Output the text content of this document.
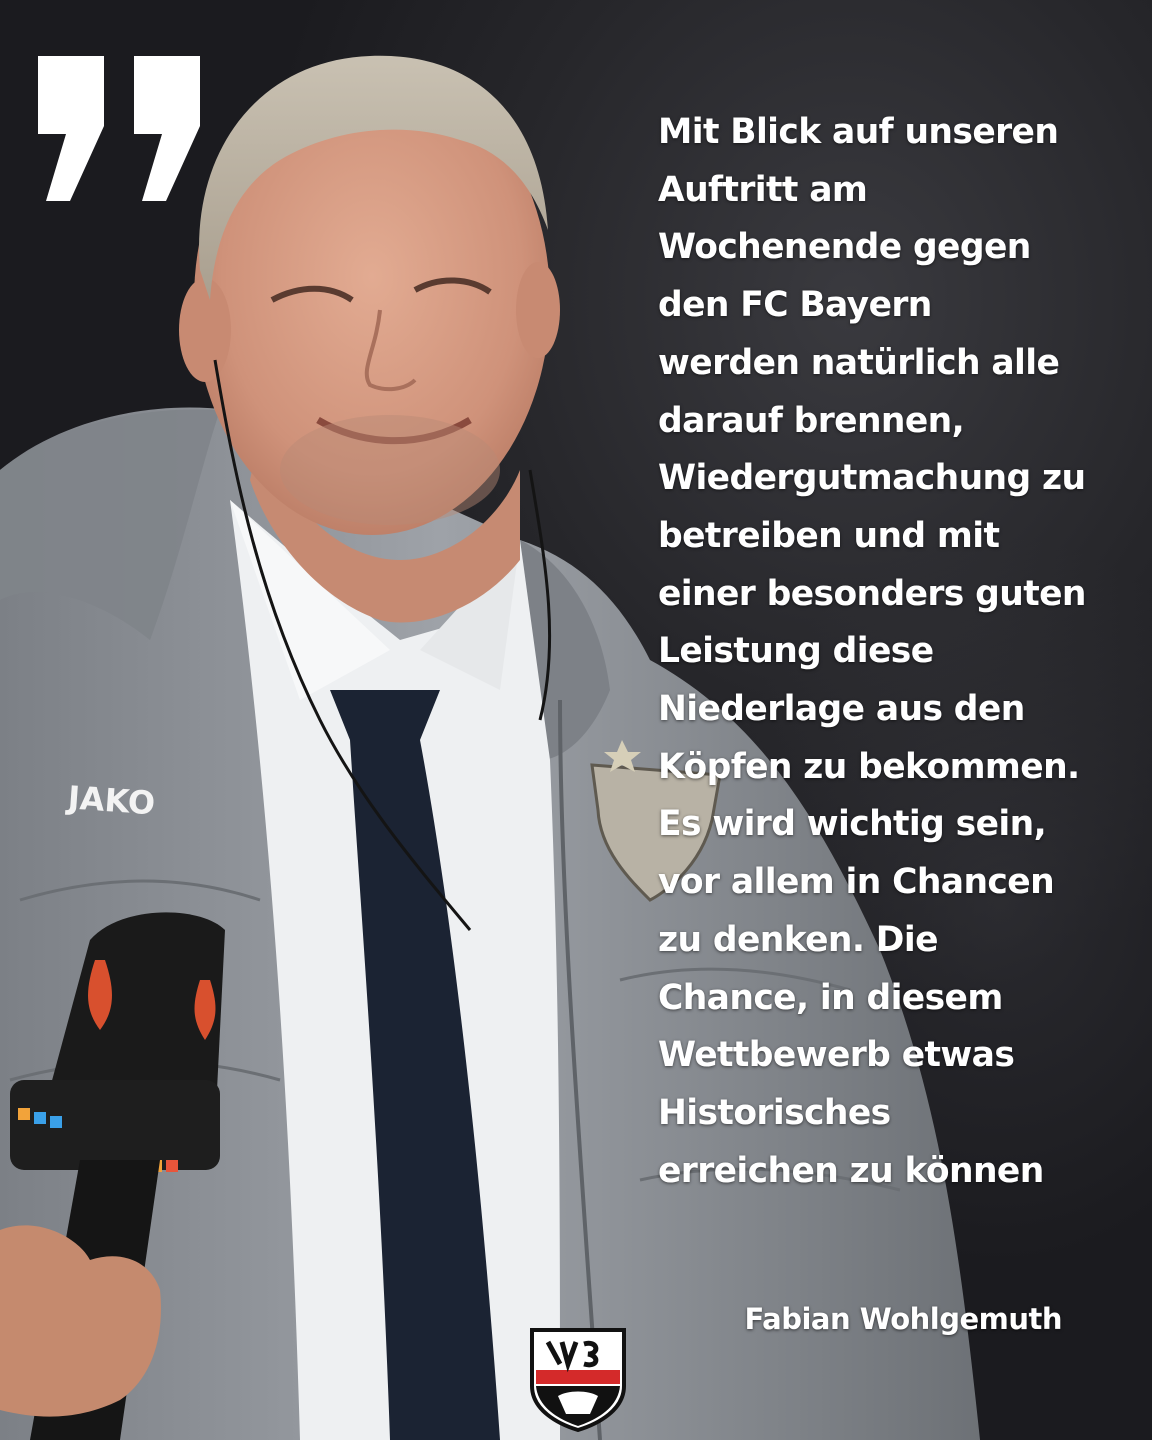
JAKO

Mit Blick auf unseren
Auftritt am
Wochenende gegen
den FC Bayern
werden natürlich alle
darauf brennen,
Wiedergutmachung zu
betreiben und mit
einer besonders guten
Leistung diese
Niederlage aus den
Köpfen zu bekommen.
Es wird wichtig sein,
vor allem in Chancen
zu denken. Die
Chance, in diesem
Wettbewerb etwas
Historisches
erreichen zu können

Fabian Wohlgemuth
